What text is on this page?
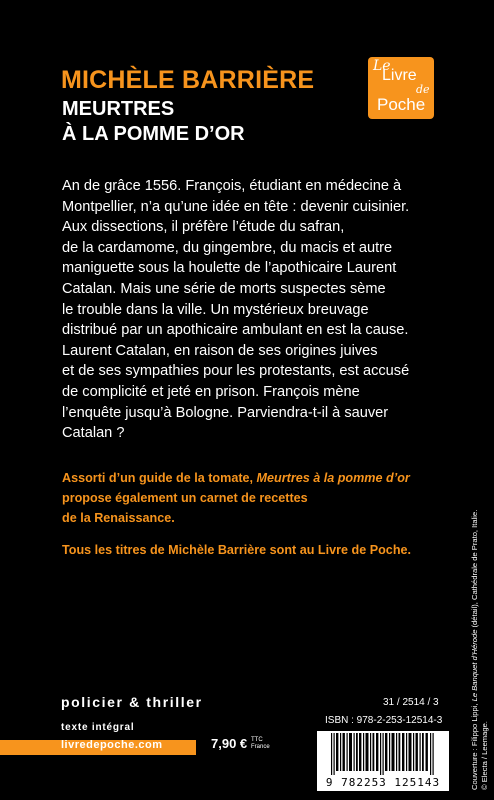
MICHÈLE BARRIÈRE
MEURTRES
À LA POMME D’OR
Le
Livre
de
Poche
An de grâce 1556. François, étudiant en médecine à
Montpellier, n’a qu’une idée en tête : devenir cuisinier.
Aux dissections, il préfère l’étude du safran,
de la cardamome, du gingembre, du macis et autre
maniguette sous la houlette de l’apothicaire Laurent
Catalan. Mais une série de morts suspectes sème
le trouble dans la ville. Un mystérieux breuvage
distribué par un apothicaire ambulant en est la cause.
Laurent Catalan, en raison de ses origines juives
et de ses sympathies pour les protestants, est accusé
de complicité et jeté en prison. François mène
l’enquête jusqu’à Bologne. Parviendra-t-il à sauver
Catalan ?
Assorti d’un guide de la tomate, Meurtres à la pomme d’or
propose également un carnet de recettes
de la Renaissance.
Tous les titres de Michèle Barrière sont au Livre de Poche.
policier & thriller
texte intégral
livredepoche.com	7,90 € TTC France
31 / 2514 / 3
ISBN : 978-2-253-12514-3
9 782253 125143	Couverture : Filippo Lippi, Le Banquet d’Hérode (détail), Cathédrale de Prato, Italie.
© Electa / Leemage.
